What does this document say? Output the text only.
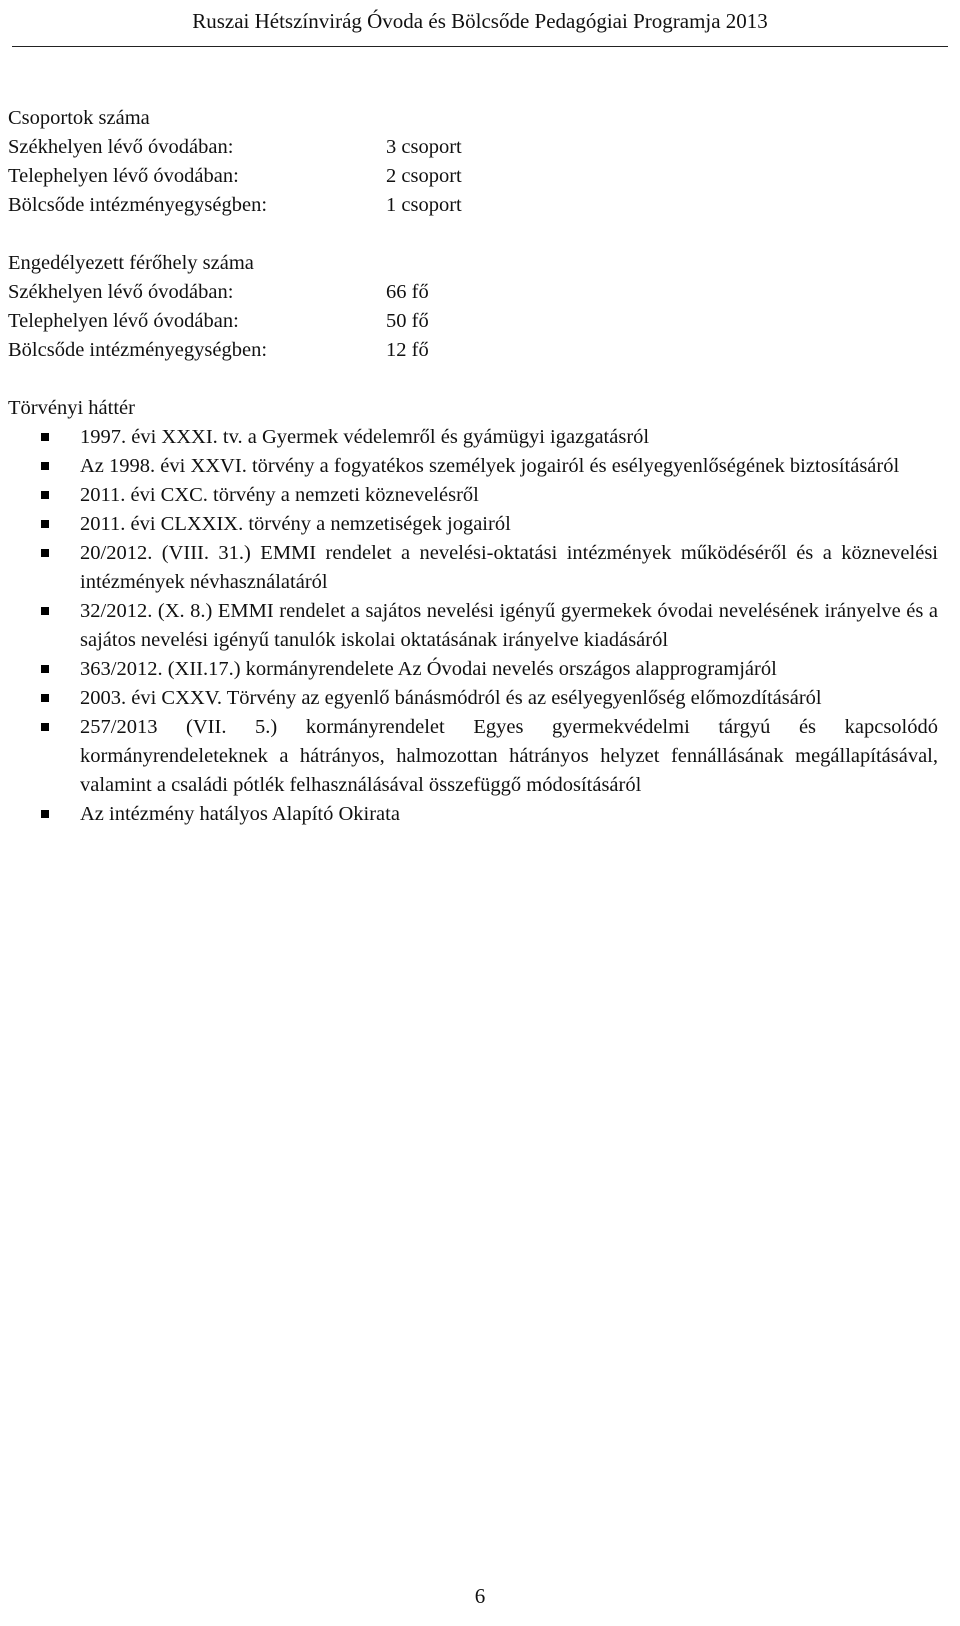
Ruszai Hétszínvirág Óvoda és Bölcsőde Pedagógiai Programja 2013

Csoportok száma

Székhelyen lévő óvodában:	3 csoport
Telephelyen lévő óvodában:	2 csoport
Bölcsőde intézményegységben:	1 csoport

Engedélyezett férőhely száma

Székhelyen lévő óvodában:	66 fő
Telephelyen lévő óvodában:	50 fő
Bölcsőde intézményegységben:	12 fő

Törvényi háttér

1997. évi XXXI. tv. a Gyermek védelemről és gyámügyi igazgatásról
Az 1998. évi XXVI. törvény a fogyatékos személyek jogairól és esélyegyenlőségének biztosításáról
2011. évi CXC. törvény a nemzeti köznevelésről
2011. évi CLXXIX. törvény a nemzetiségek jogairól
20/2012. (VIII. 31.) EMMI rendelet a nevelési-oktatási intézmények működéséről és a köznevelési intézmények névhasználatáról
32/2012. (X. 8.) EMMI rendelet a sajátos nevelési igényű gyermekek óvodai nevelésének irányelve és a sajátos nevelési igényű tanulók iskolai oktatásának irányelve kiadásáról
363/2012. (XII.17.) kormányrendelete Az Óvodai nevelés országos alapprogramjáról
2003. évi CXXV. Törvény az egyenlő bánásmódról és az esélyegyenlőség előmozdításáról
257/2013 (VII. 5.) kormányrendelet Egyes gyermekvédelmi tárgyú és kapcsolódó kormányrendeleteknek a hátrányos, halmozottan hátrányos helyzet fennállásának megállapításával, valamint a családi pótlék felhasználásával összefüggő módosításáról
Az intézmény hatályos Alapító Okirata
6
